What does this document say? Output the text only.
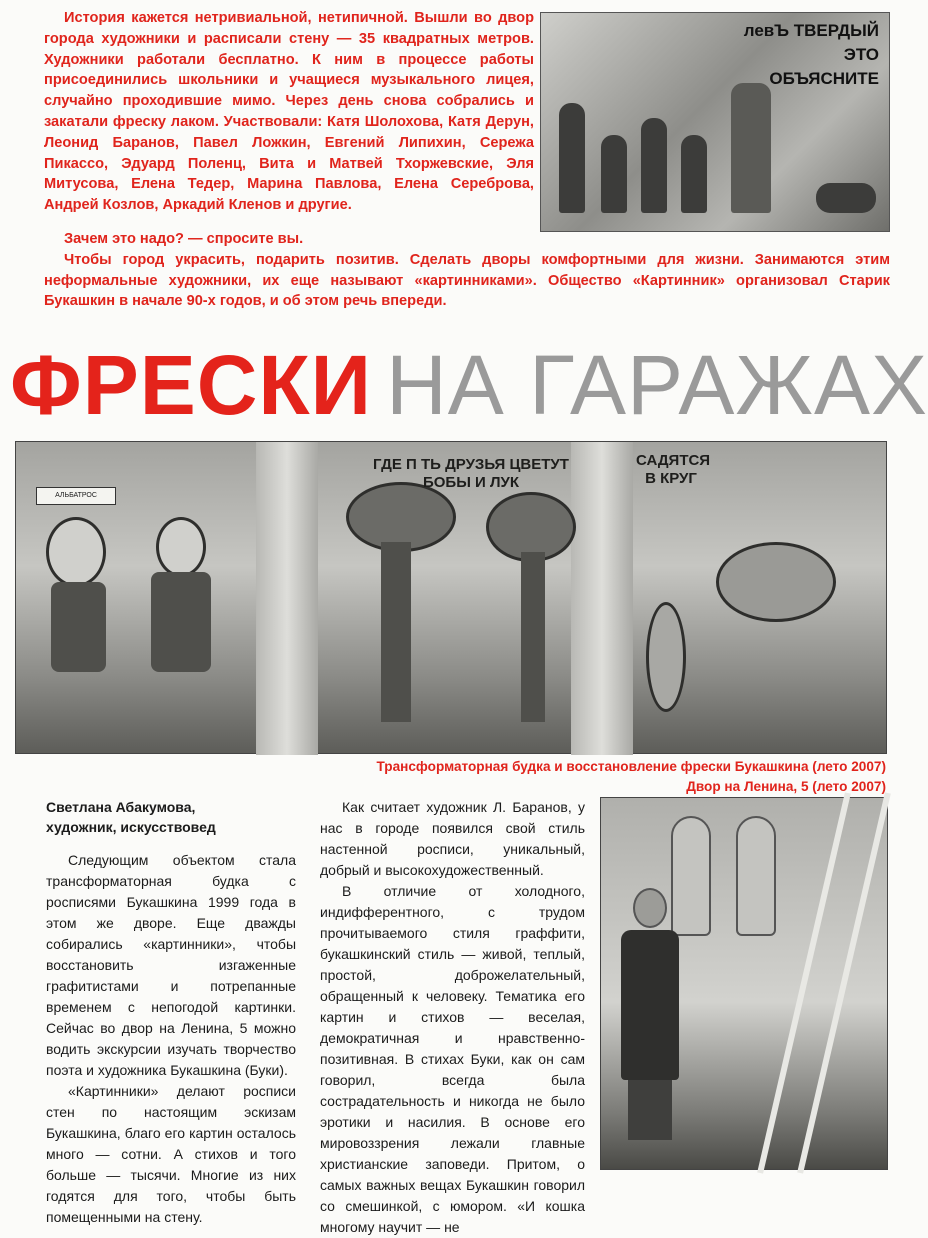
История кажется нетривиальной, нетипичной. Вышли во двор города художники и расписали стену — 35 квадратных метров. Художники работали бесплатно. К ним в процессе работы присоединились школьники и учащиеся музыкального лицея, случайно проходившие мимо. Через день снова собрались и закатали фреску лаком. Участвовали: Катя Шолохова, Катя Дерун, Леонид Баранов, Павел Ложкин, Евгений Липихин, Сережа Пикассо, Эдуард Поленц, Вита и Матвей Тхоржевские, Эля Митусова, Елена Тедер, Марина Павлова, Елена Сереброва, Андрей Козлов, Аркадий Кленов и другие.

левЪ ТВЕРДЫЙ
ЭТО
ОБЪЯСНИТЕ

Зачем это надо? — спросите вы.

Чтобы город украсить, подарить позитив. Сделать дворы комфортными для жизни. Занимаются этим неформальные художники, их еще называют «картинниками». Общество «Картинник» организовал Старик Букашкин в начале 90-х годов, и об этом речь впереди.

ФРЕСКИ НА ГАРАЖАХ
АЛЬБАТРОС
ГДЕ П ТЬ ДРУЗЬЯ ЦВЕТУТ БОБЫ И ЛУК
САДЯТСЯ В КРУГ
Трансформаторная будка и восстановление фрески Букашкина (лето 2007)
Двор на Ленина, 5 (лето 2007)
Светлана Абакумова,
художник, искусствовед

Следующим объектом стала трансформаторная будка с росписями Букашкина 1999 года в этом же дворе. Еще дважды собирались «картинники», чтобы восстановить изгаженные графитистами и потрепанные временем с непогодой картинки. Сейчас во двор на Ленина, 5 можно водить экскурсии изучать творчество поэта и художника Букашкина (Буки).

«Картинники» делают росписи стен по настоящим эскизам Букашкина, благо его картин осталось много — сотни. А стихов и того больше — тысячи. Многие из них годятся для того, чтобы быть помещенными на стену.

Как считает художник Л. Баранов, у нас в городе появился свой стиль настенной росписи, уникальный, добрый и высокохудожественный.

В отличие от холодного, индифферентного, с трудом прочитываемого стиля граффити, букашкинский стиль — живой, теплый, простой, доброжелательный, обращенный к человеку. Тематика его картин и стихов — веселая, демократичная и нравственно-позитивная. В стихах Буки, как он сам говорил, всегда была сострадательность и никогда не было эротики и насилия. В основе его мировоззрения лежали главные христианские заповеди. Притом, о самых важных вещах Букашкин говорил со смешинкой, с юмором. «И кошка многому научит — не
